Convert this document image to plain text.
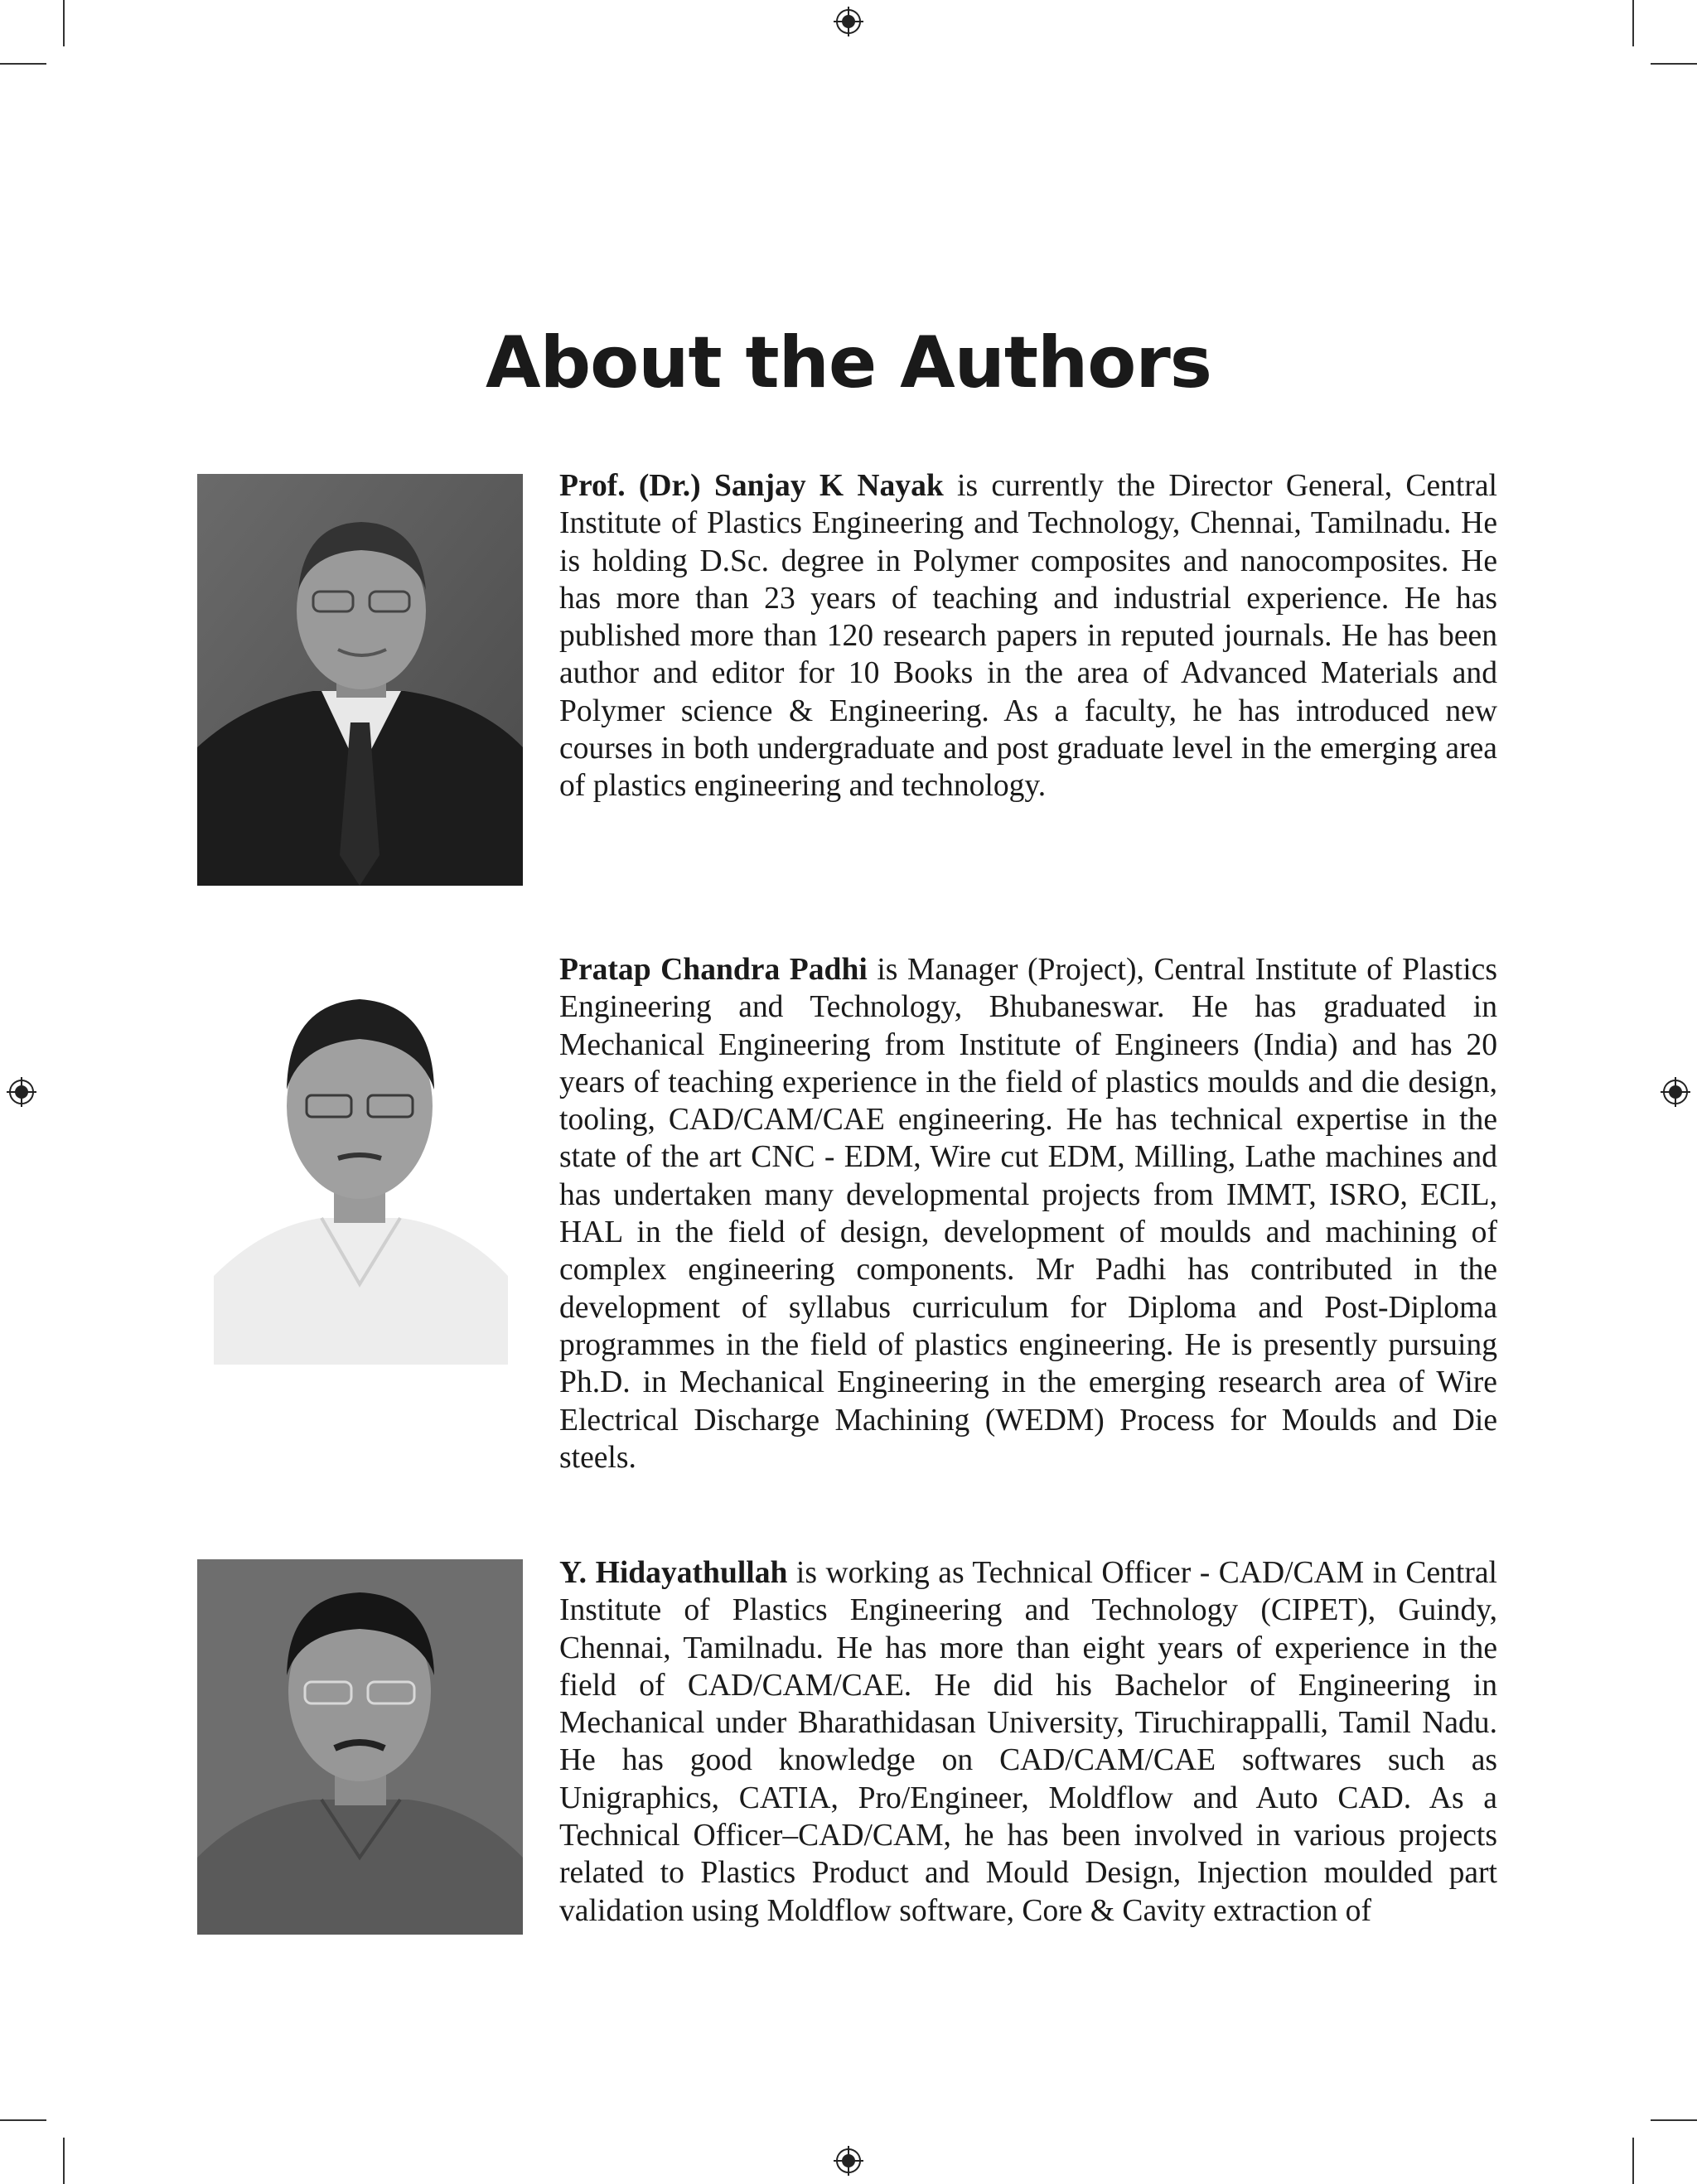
About the Authors

Prof. (Dr.) Sanjay K Nayak is currently the Director General, Central Institute of Plastics Engineering and Technology, Chennai, Tamilnadu. He is holding D.Sc. degree in Polymer composites and nanocomposites. He has more than 23 years of teaching and industrial experience. He has published more than 120 research papers in reputed journals. He has been author and editor for 10 Books in the area of Advanced Materials and Polymer science & Engineering. As a faculty, he has introduced new courses in both undergraduate and post graduate level in the emerging area of plastics engineering and technology.

Pratap Chandra Padhi is Manager (Project), Central Institute of Plastics Engineering and Technology, Bhubaneswar. He has graduated in Mechanical Engineering from Institute of Engineers (India) and has 20 years of teaching experience in the field of plastics moulds and die design, tooling, CAD/CAM/CAE engineering. He has technical expertise in the state of the art CNC - EDM, Wire cut EDM, Milling, Lathe machines and has undertaken many developmental projects from IMMT, ISRO, ECIL, HAL in the field of design, development of moulds and machining of complex engineering components. Mr Padhi has contributed in the development of syllabus curriculum for Diploma and Post-Diploma programmes in the field of plastics engineering. He is presently pursuing Ph.D. in Mechanical Engineering in the emerging research area of Wire Electrical Discharge Machining (WEDM) Process for Moulds and Die steels.

Y. Hidayathullah is working as Technical Officer - CAD/CAM in Central Institute of Plastics Engineering and Technology (CIPET), Guindy, Chennai, Tamilnadu. He has more than eight years of experience in the field of CAD/CAM/CAE. He did his Bachelor of Engineering in Mechanical under Bharathidasan University, Tiruchirappalli, Tamil Nadu. He has good knowledge on CAD/CAM/CAE softwares such as Unigraphics, CATIA, Pro/Engineer, Moldflow and Auto CAD. As a Technical Officer–CAD/CAM, he has been involved in various projects related to Plastics Product and Mould Design, Injection moulded part validation using Moldflow software, Core & Cavity extraction of
